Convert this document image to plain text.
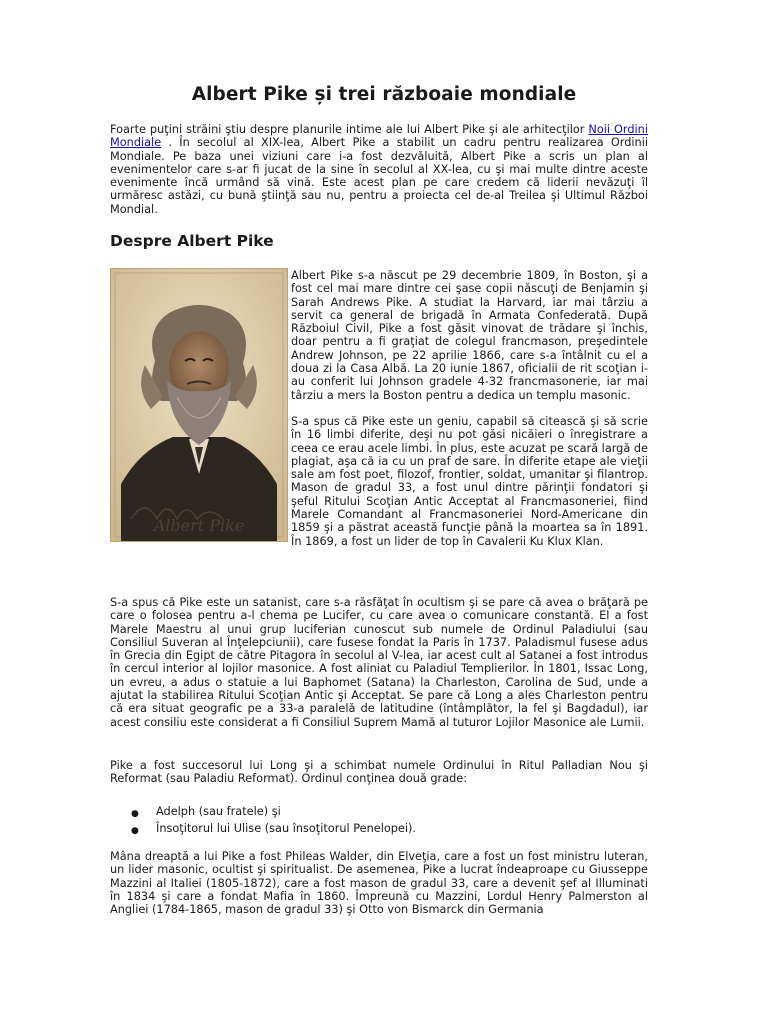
Albert Pike și trei războaie mondiale

Foarte puţini străini ştiu despre planurile intime ale lui Albert Pike şi ale arhitecţilor Noii Ordini Mondiale . În secolul al XIX-lea, Albert Pike a stabilit un cadru pentru realizarea Ordinii Mondiale. Pe baza unei viziuni care i-a fost dezvăluită, Albert Pike a scris un plan al evenimentelor care s-ar fi jucat de la sine în secolul al XX-lea, cu şi mai multe dintre aceste evenimente încă urmând să vină. Este acest plan pe care credem că liderii nevăzuţi îl urmăresc astăzi, cu bună ştiinţă sau nu, pentru a proiecta cel de-al Treilea şi Ultimul Război Mondial.

Despre Albert Pike
Albert Pike

Albert Pike s-a născut pe 29 decembrie 1809, în Boston, şi a fost cel mai mare dintre cei şase copii născuţi de Benjamin şi Sarah Andrews Pike. A studiat la Harvard, iar mai târziu a servit ca general de brigadă în Armata Confederată. După Războiul Civil, Pike a fost găsit vinovat de trădare şi închis, doar pentru a fi graţiat de colegul francmason, preşedintele Andrew Johnson, pe 22 aprilie 1866, care s-a întâlnit cu el a doua zi la Casa Albă. La 20 iunie 1867, oficialii de rit scoţian i-au conferit lui Johnson gradele 4-32 francmasonerie, iar mai târziu a mers la Boston pentru a dedica un templu masonic.

S-a spus că Pike este un geniu, capabil să citească şi să scrie în 16 limbi diferite, deşi nu pot găsi nicăieri o înregistrare a ceea ce erau acele limbi. În plus, este acuzat pe scară largă de plagiat, aşa că ia cu un praf de sare. În diferite etape ale vieţii sale am fost poet, filozof, frontier, soldat, umanitar şi filantrop. Mason de gradul 33, a fost unul dintre părinţii fondatori şi şeful Ritului Scoţian Antic Acceptat al Francmasoneriei, fiind Marele Comandant al Francmasoneriei Nord-Americane din 1859 şi a păstrat această funcţie până la moartea sa în 1891. În 1869, a fost un lider de top în Cavalerii Ku Klux Klan.

S-a spus că Pike este un satanist, care s-a răsfăţat în ocultism şi se pare că avea o brăţară pe care o folosea pentru a-l chema pe Lucifer, cu care avea o comunicare constantă. El a fost Marele Maestru al unui grup luciferian cunoscut sub numele de Ordinul Paladiului (sau Consiliul Suveran al Înţelepciunii), care fusese fondat la Paris în 1737. Paladismul fusese adus în Grecia din Egipt de către Pitagora în secolul al V-lea, iar acest cult al Satanei a fost introdus în cercul interior al lojilor masonice. A fost aliniat cu Paladiul Templierilor. În 1801, Issac Long, un evreu, a adus o statuie a lui Baphomet (Satana) la Charleston, Carolina de Sud, unde a ajutat la stabilirea Ritului Scoţian Antic şi Acceptat. Se pare că Long a ales Charleston pentru că era situat geografic pe a 33-a paralelă de latitudine (întâmplător, la fel şi Bagdadul), iar acest consiliu este considerat a fi Consiliul Suprem Mamă al tuturor Lojilor Masonice ale Lumii.

Pike a fost succesorul lui Long şi a schimbat numele Ordinului în Ritul Palladian Nou şi Reformat (sau Paladiu Reformat). Ordinul conţinea două grade:

● Adelph (sau fratele) şi
● Însoţitorul lui Ulise (sau însoţitorul Penelopei).

Mâna dreaptă a lui Pike a fost Phileas Walder, din Elveţia, care a fost un fost ministru luteran, un lider masonic, ocultist şi spiritualist. De asemenea, Pike a lucrat îndeaproape cu Giusseppe Mazzini al Italiei (1805-1872), care a fost mason de gradul 33, care a devenit şef al Illuminati în 1834 şi care a fondat Mafia în 1860. Împreună cu Mazzini, Lordul Henry Palmerston al Angliei (1784-1865, mason de gradul 33) şi Otto von Bismarck din Germania
